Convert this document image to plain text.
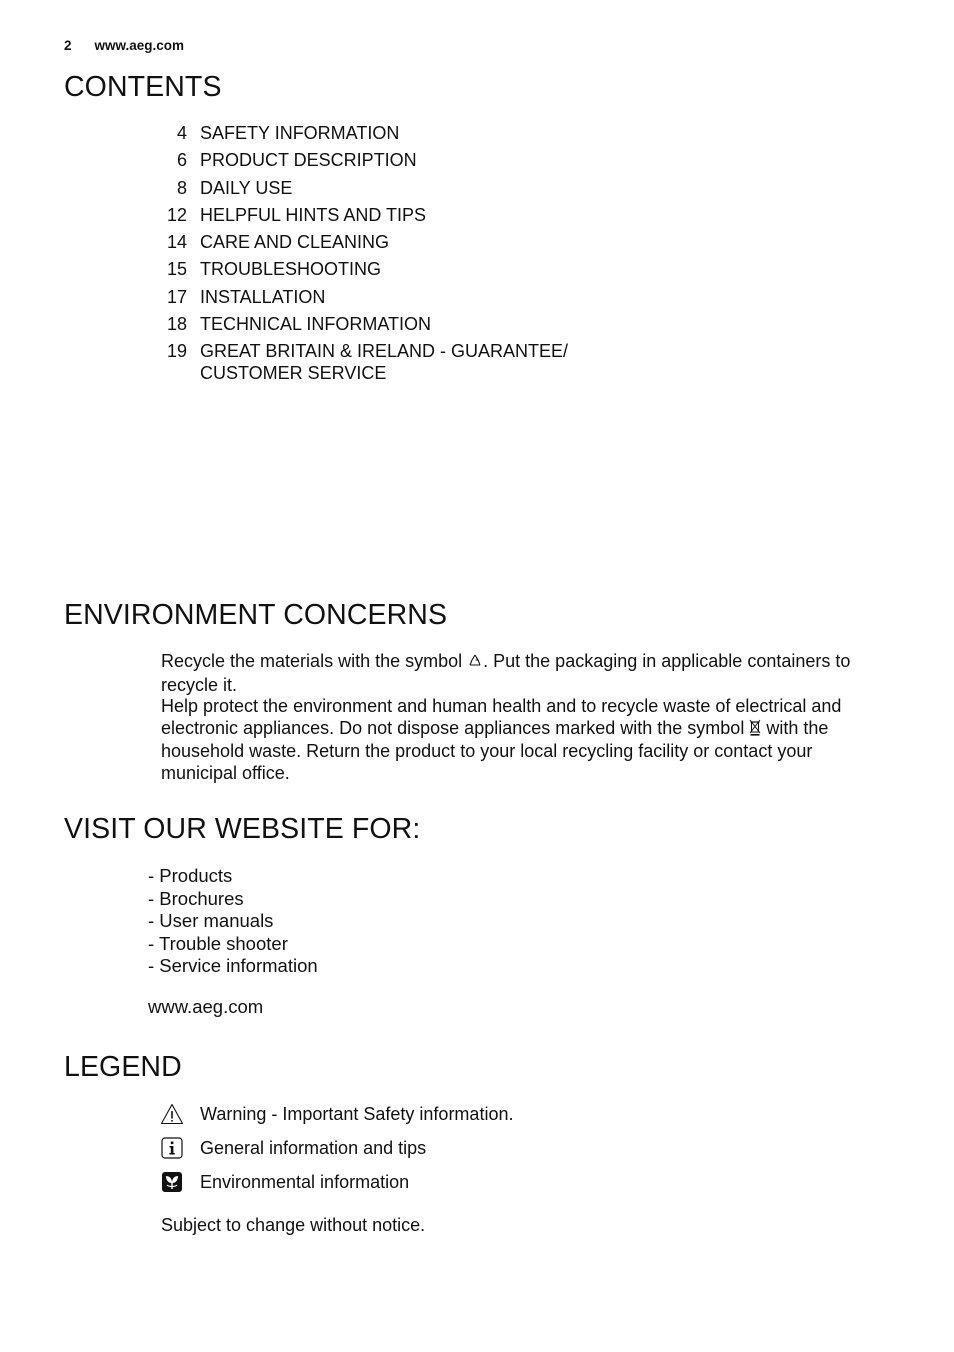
2 www.aeg.com
CONTENTS
4 SAFETY INFORMATION
6 PRODUCT DESCRIPTION
8 DAILY USE
12 HELPFUL HINTS AND TIPS
14 CARE AND CLEANING
15 TROUBLESHOOTING
17 INSTALLATION
18 TECHNICAL INFORMATION
19 GREAT BRITAIN & IRELAND - GUARANTEE/
CUSTOMER SERVICE
ENVIRONMENT CONCERNS

Recycle the materials with the symbol . Put the packaging in applicable containers to recycle it.

Help protect the environment and human health and to recycle waste of electrical and electronic appliances. Do not dispose appliances marked with the symbol with the household waste. Return the product to your local recycling facility or contact your municipal office.

VISIT OUR WEBSITE FOR:
- Products
- Brochures
- User manuals
- Trouble shooter
- Service information
www.aeg.com
LEGEND
Warning - Important Safety information.
General information and tips
Environmental information
Subject to change without notice.
